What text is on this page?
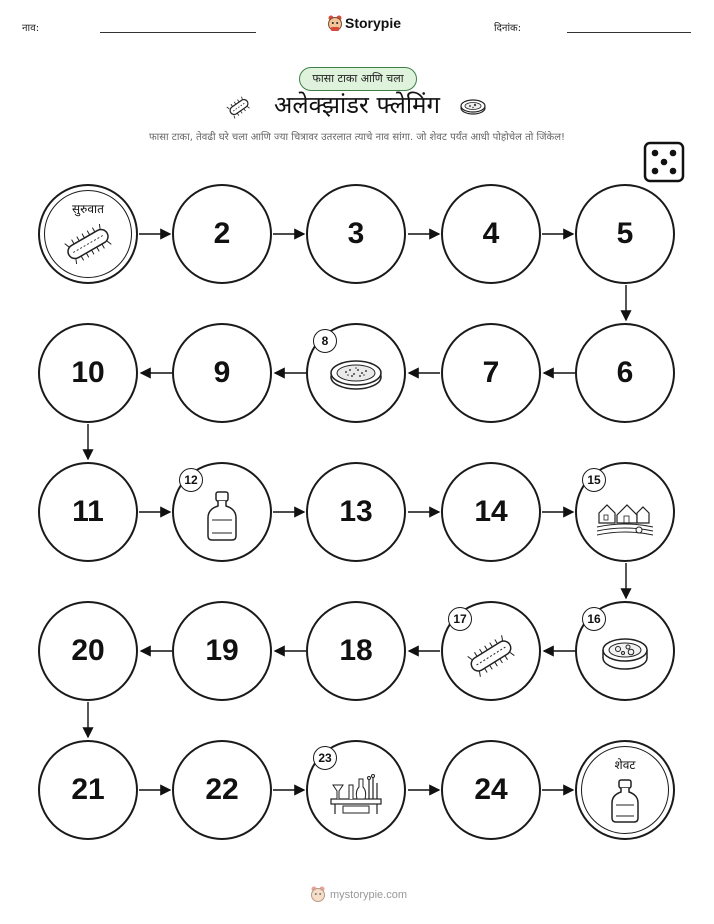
नाव:	Storypie	दिनांक:
फासा टाका आणि चला
अलेक्झांडर फ्लेमिंग
फासा टाका, तेवढी घरे चला आणि ज्या चित्रावर उतरलात त्याचे नाव सांगा. जो शेवट पर्यंत आधी पोहोचेल तो जिंकेल!
सुरुवात
2	3	4	5
6
7
8
9
10
11
12
13	14
15
16
17
18
19
20
21	22
23
24
शेवट
mystorypie.com
